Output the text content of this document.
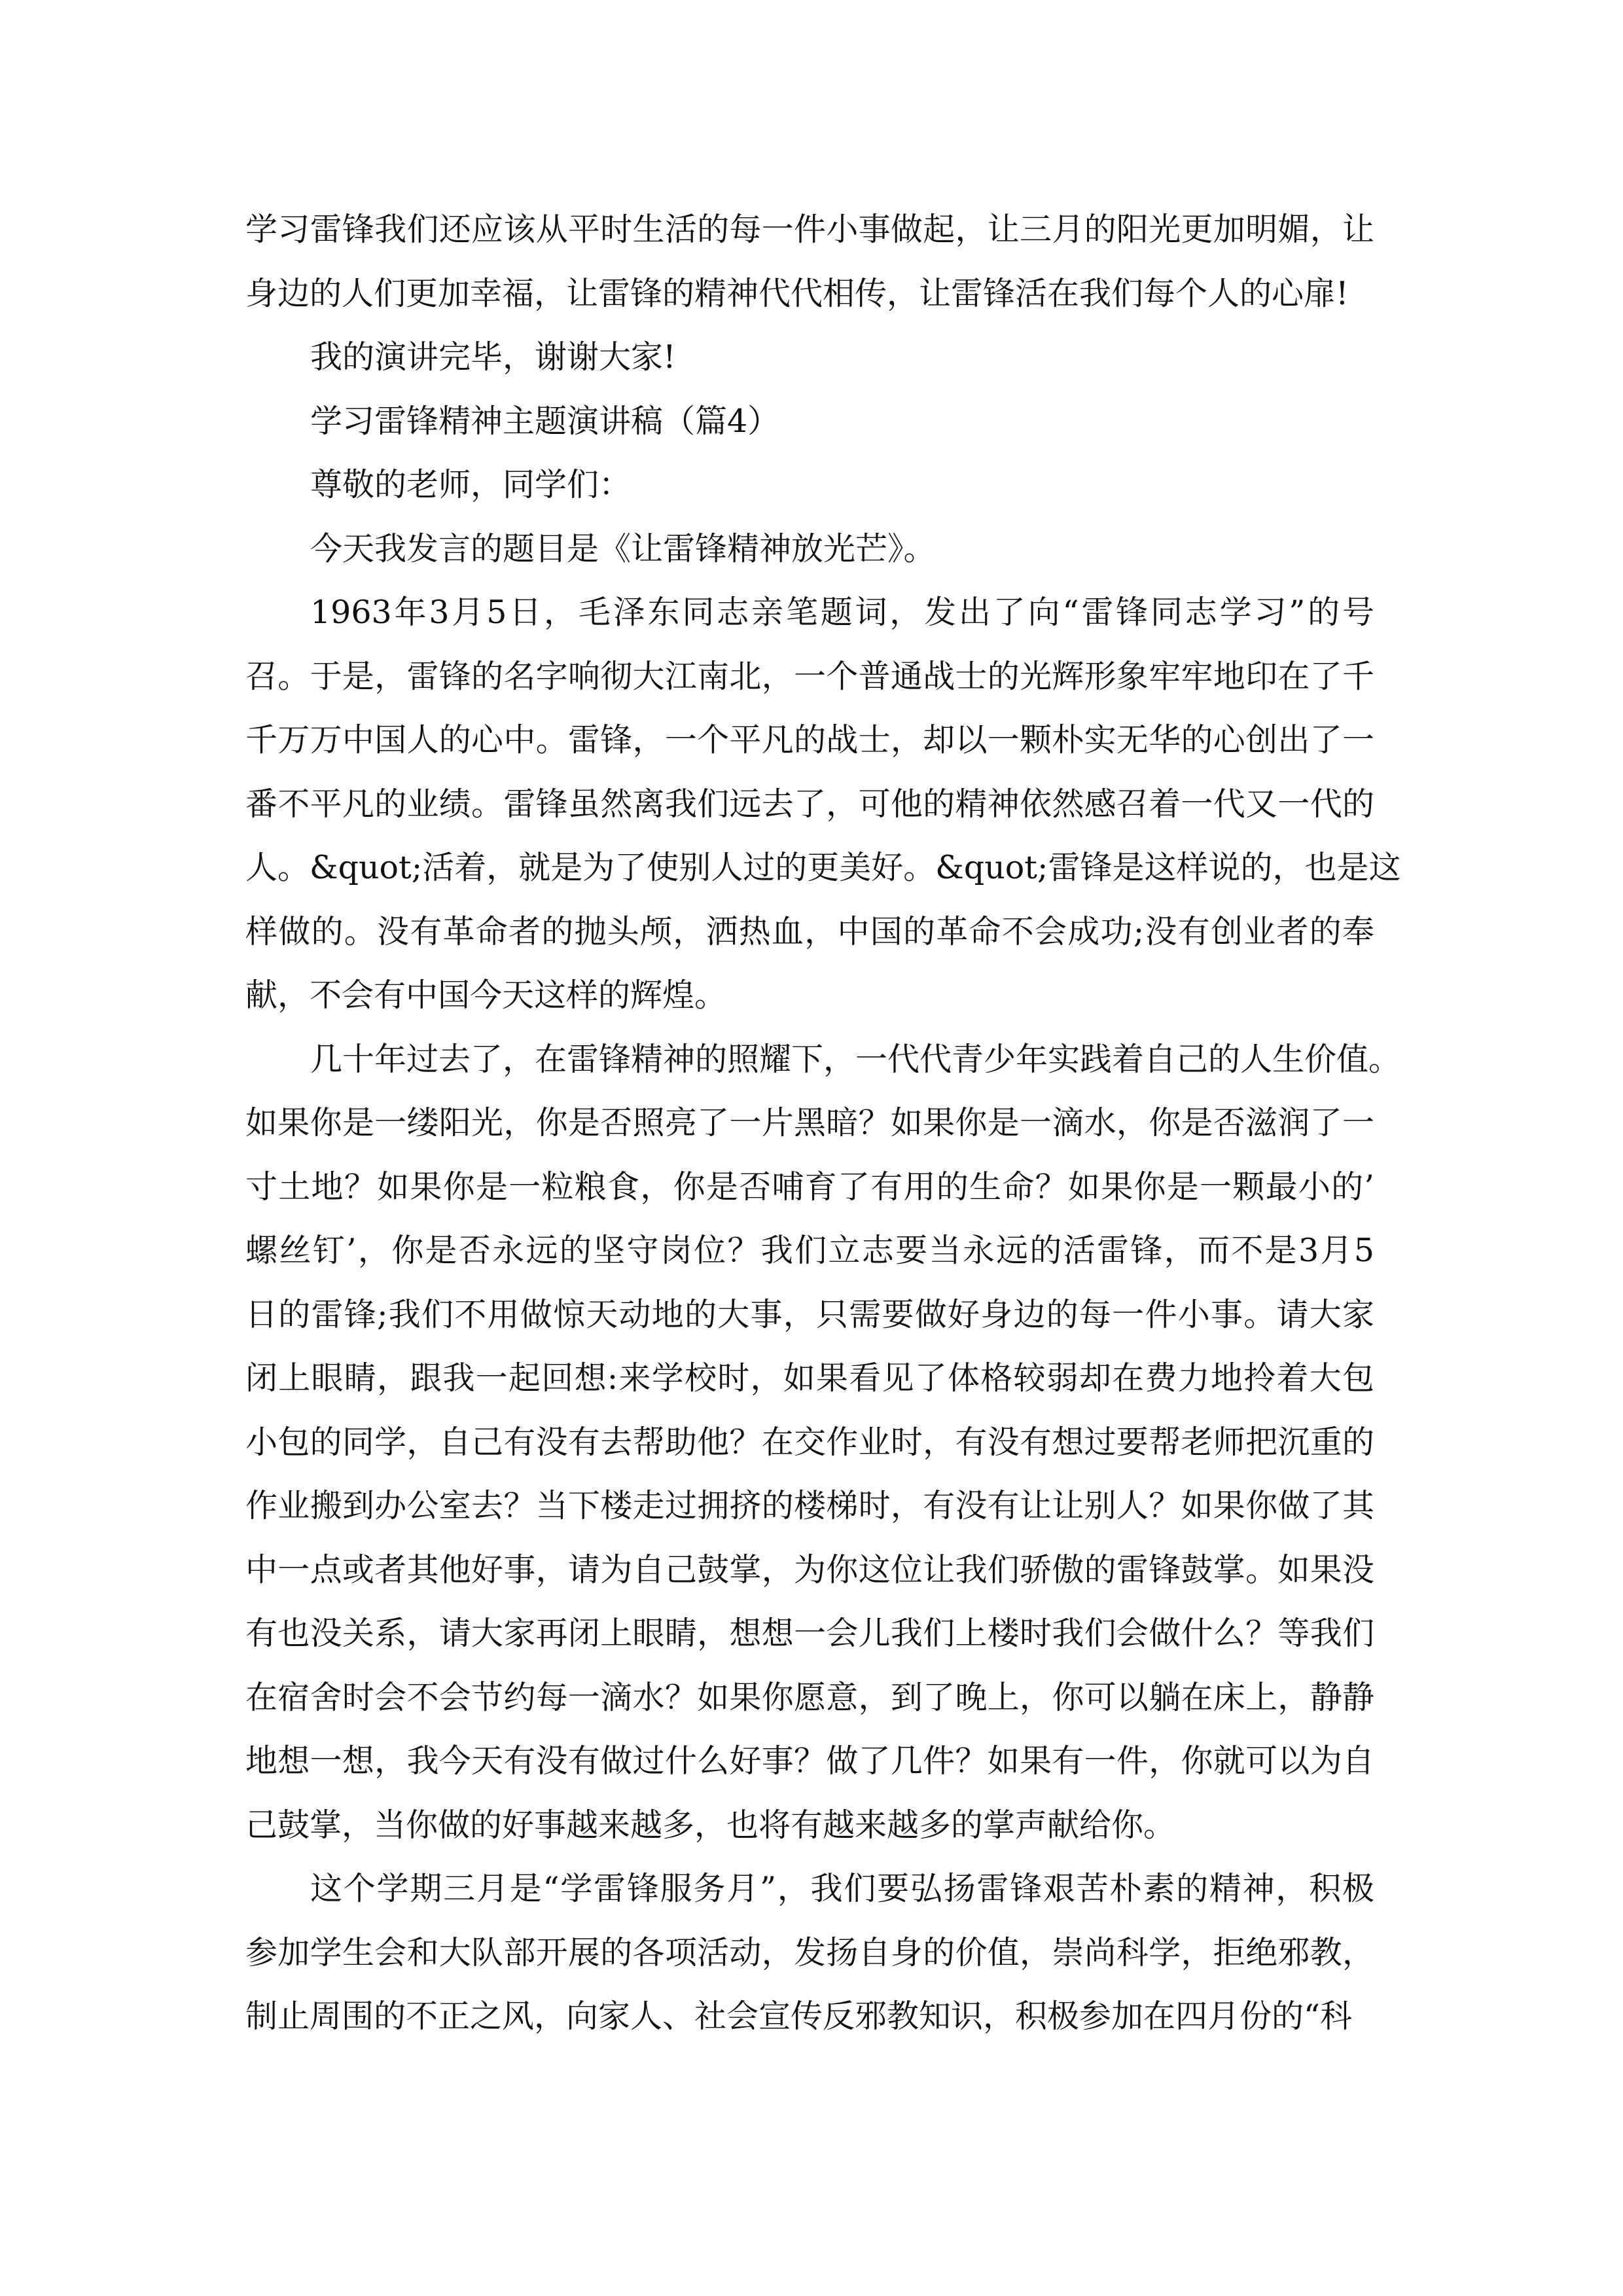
学习雷锋我们还应该从平时生活的每一件小事做起，让三月的阳光更加明媚，让
身边的人们更加幸福，让雷锋的精神代代相传，让雷锋活在我们每个人的心扉!
我的演讲完毕，谢谢大家!
学习雷锋精神主题演讲稿（篇4）
尊敬的老师，同学们：
今天我发言的题目是《让雷锋精神放光芒》。
1963年3月5日，毛泽东同志亲笔题词，发出了向“雷锋同志学习”的号
召。于是，雷锋的名字响彻大江南北，一个普通战士的光辉形象牢牢地印在了千
千万万中国人的心中。雷锋，一个平凡的战士，却以一颗朴实无华的心创出了一
番不平凡的业绩。雷锋虽然离我们远去了，可他的精神依然感召着一代又一代的
人。&quot;活着，就是为了使别人过的更美好。&quot;雷锋是这样说的，也是这
样做的。没有革命者的抛头颅，洒热血，中国的革命不会成功;没有创业者的奉
献，不会有中国今天这样的辉煌。
几十年过去了，在雷锋精神的照耀下，一代代青少年实践着自己的人生价值。
如果你是一缕阳光，你是否照亮了一片黑暗？如果你是一滴水，你是否滋润了一
寸土地？如果你是一粒粮食，你是否哺育了有用的生命？如果你是一颗最小的’
螺丝钉’，你是否永远的坚守岗位？我们立志要当永远的活雷锋，而不是3月5
日的雷锋;我们不用做惊天动地的大事，只需要做好身边的每一件小事。请大家
闭上眼睛，跟我一起回想:来学校时，如果看见了体格较弱却在费力地拎着大包
小包的同学，自己有没有去帮助他？在交作业时，有没有想过要帮老师把沉重的
作业搬到办公室去？当下楼走过拥挤的楼梯时，有没有让让别人？如果你做了其
中一点或者其他好事，请为自己鼓掌，为你这位让我们骄傲的雷锋鼓掌。如果没
有也没关系，请大家再闭上眼睛，想想一会儿我们上楼时我们会做什么？等我们
在宿舍时会不会节约每一滴水？如果你愿意，到了晚上，你可以躺在床上，静静
地想一想，我今天有没有做过什么好事？做了几件？如果有一件，你就可以为自
己鼓掌，当你做的好事越来越多，也将有越来越多的掌声献给你。
这个学期三月是“学雷锋服务月”，我们要弘扬雷锋艰苦朴素的精神，积极
参加学生会和大队部开展的各项活动，发扬自身的价值，崇尚科学，拒绝邪教，
制止周围的不正之风，向家人、社会宣传反邪教知识，积极参加在四月份的“科
